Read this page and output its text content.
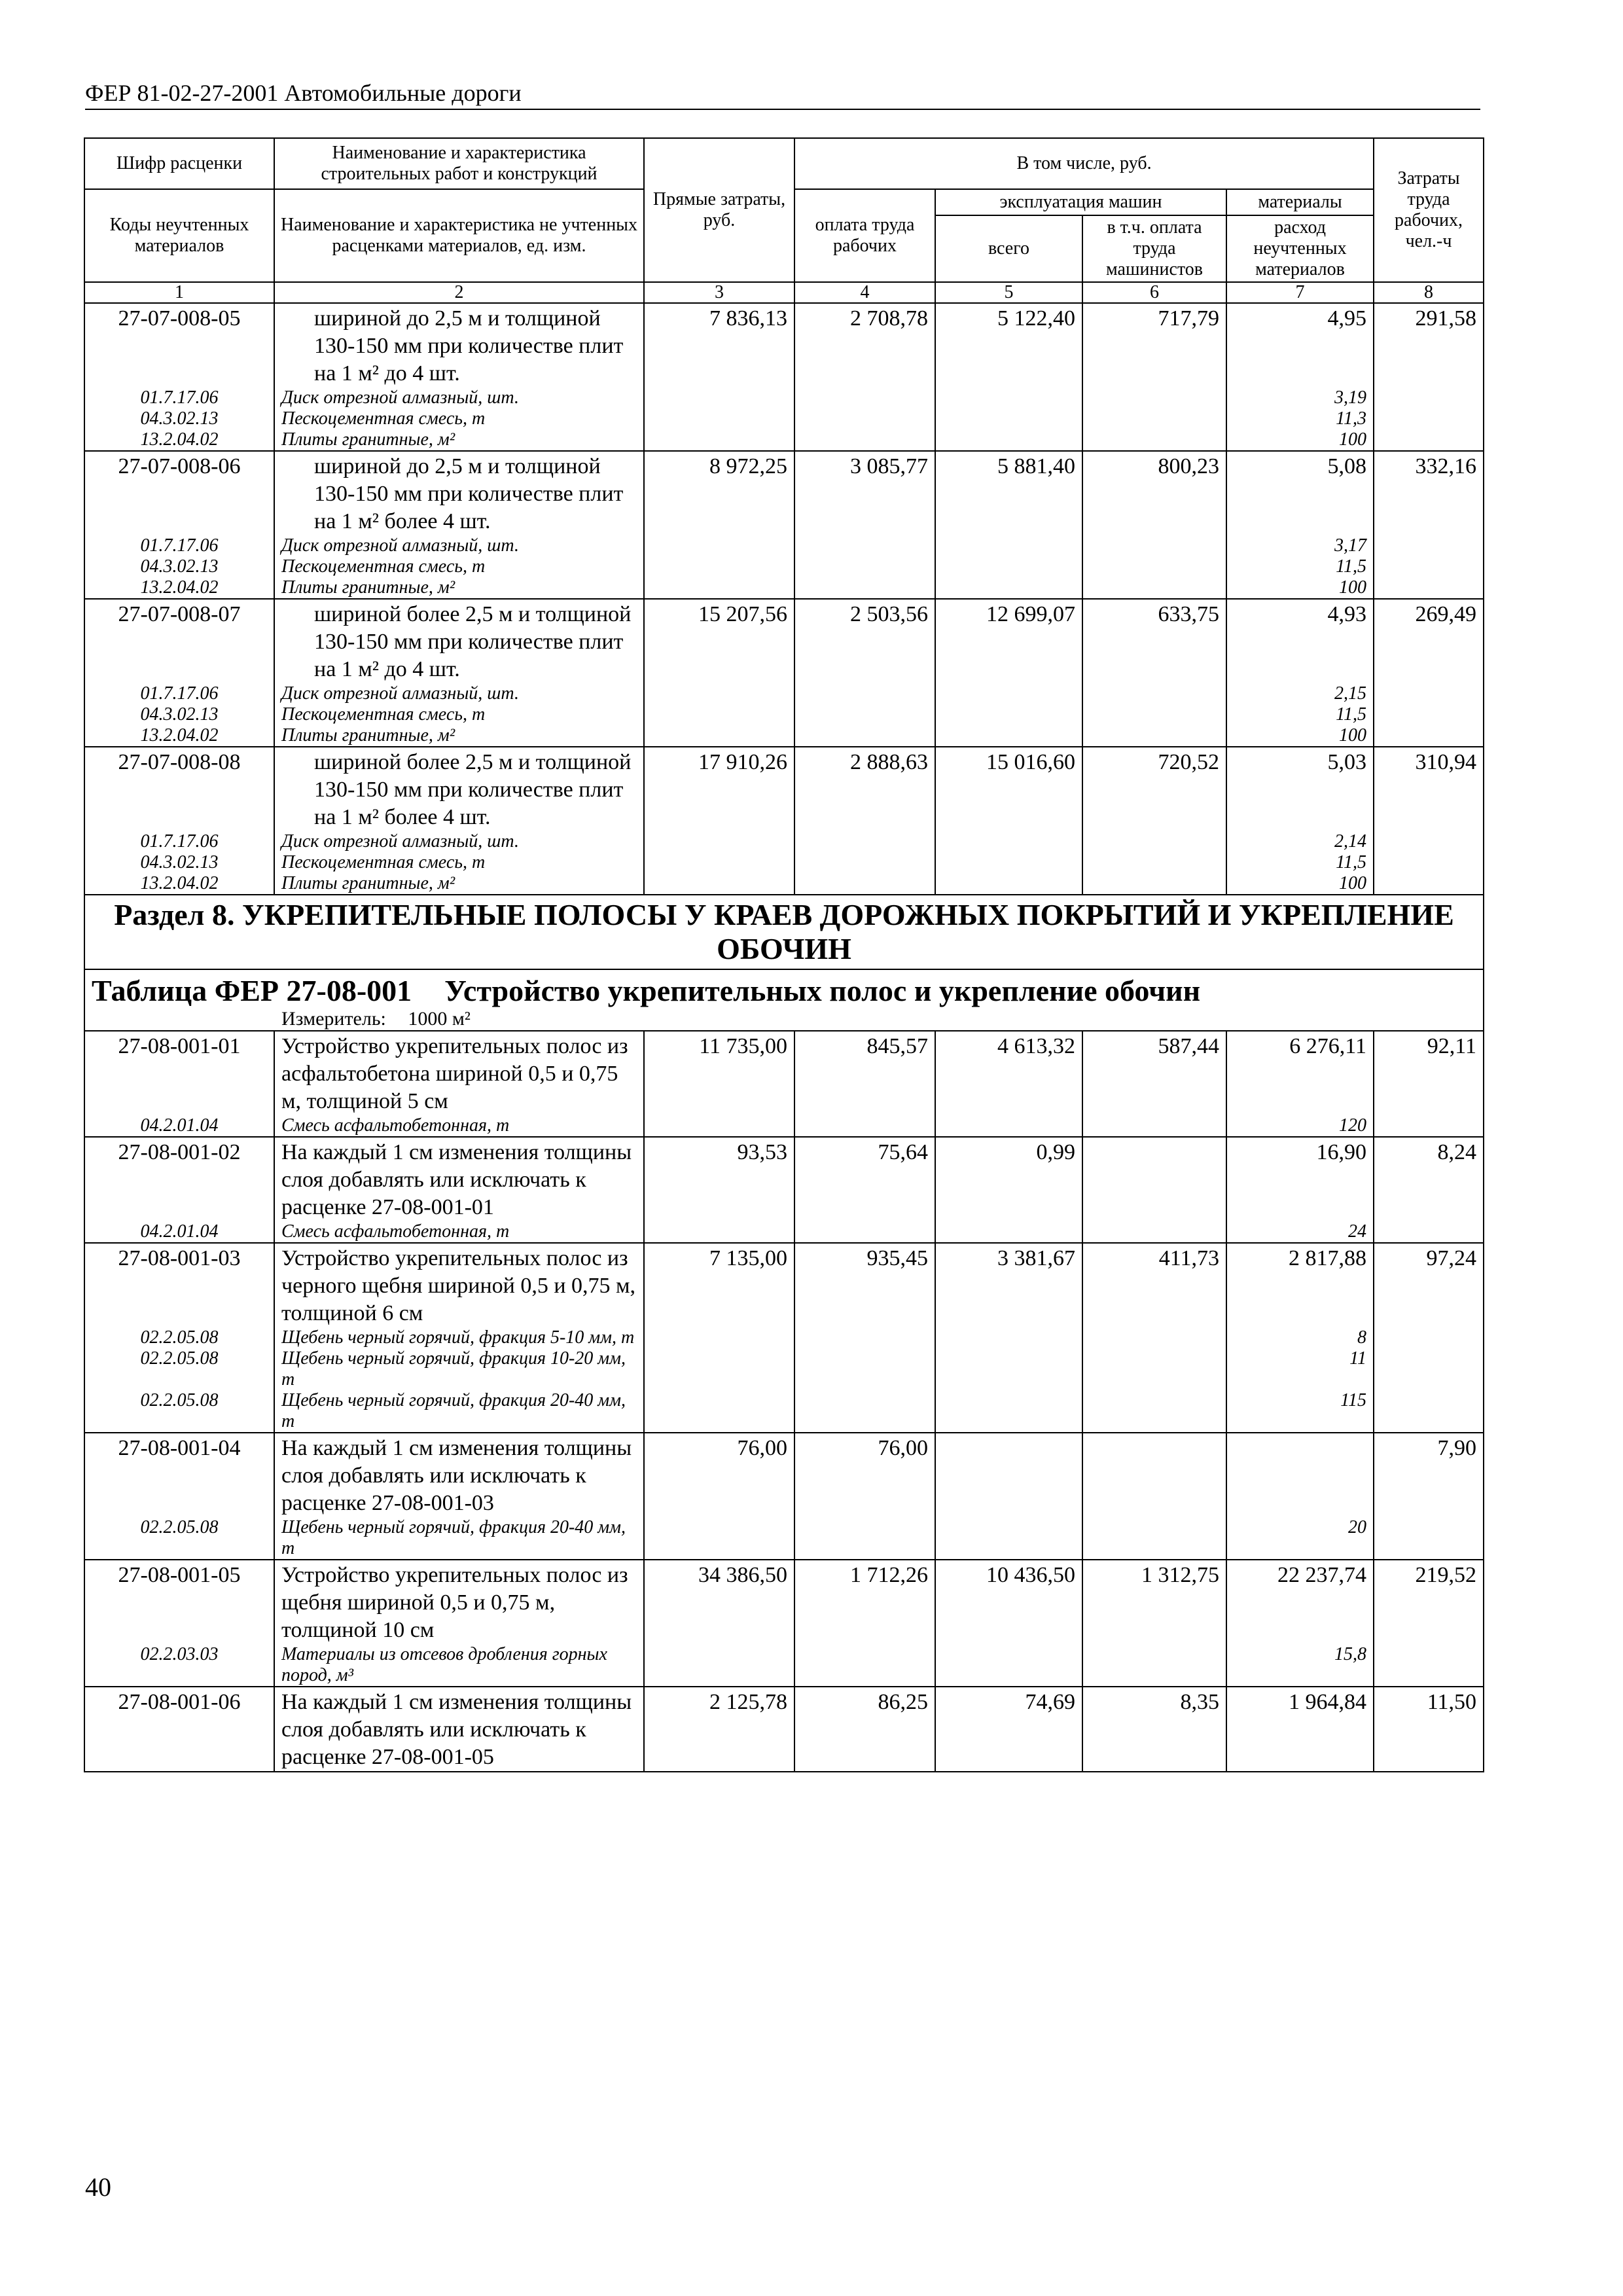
ФЕР 81-02-27-2001 Автомобильные дороги
Шифр расценки	Наименование и характеристика строительных работ и конструкций	Прямые затраты, руб.	В том числе, руб.				Затраты труда рабочих, чел.-ч
Коды неучтенных материалов	Наименование и характеристика не учтенных расценками материалов, ед. изм.		оплата труда рабочих	эксплуатация машин		материалы	
				всего	в т.ч. оплата труда машинистов	расход неучтенных материалов	
1	2	3	4	5	6	7	8
27-07-008-05	шириной до 2,5 м и толщиной 130-150 мм при количестве плит на 1 м² до 4 шт.	7 836,13	2 708,78	5 122,40	717,79	4,95	291,58
01.7.17.06	Диск отрезной алмазный, шт.					3,19	
04.3.02.13	Пескоцементная смесь, т					11,3	
13.2.04.02	Плиты гранитные, м²					100	
27-07-008-06	шириной до 2,5 м и толщиной 130-150 мм при количестве плит на 1 м² более 4 шт.	8 972,25	3 085,77	5 881,40	800,23	5,08	332,16
01.7.17.06	Диск отрезной алмазный, шт.					3,17	
04.3.02.13	Пескоцементная смесь, т					11,5	
13.2.04.02	Плиты гранитные, м²					100	
27-07-008-07	шириной более 2,5 м и толщиной 130-150 мм при количестве плит на 1 м² до 4 шт.	15 207,56	2 503,56	12 699,07	633,75	4,93	269,49
01.7.17.06	Диск отрезной алмазный, шт.					2,15	
04.3.02.13	Пескоцементная смесь, т					11,5	
13.2.04.02	Плиты гранитные, м²					100	
27-07-008-08	шириной более 2,5 м и толщиной 130-150 мм при количестве плит на 1 м² более 4 шт.	17 910,26	2 888,63	15 016,60	720,52	5,03	310,94
01.7.17.06	Диск отрезной алмазный, шт.					2,14	
04.3.02.13	Пескоцементная смесь, т					11,5	
13.2.04.02	Плиты гранитные, м²					100	
Раздел 8. УКРЕПИТЕЛЬНЫЕ ПОЛОСЫ У КРАЕВ ДОРОЖНЫХ ПОКРЫТИЙ И УКРЕПЛЕНИЕ ОБОЧИН							
Таблица ФЕР 27-08-001 Устройство укрепительных полос и укрепление обочин							
Измеритель: 1000 м²							
27-08-001-01	Устройство укрепительных полос из асфальтобетона шириной 0,5 и 0,75 м, толщиной 5 см	11 735,00	845,57	4 613,32	587,44	6 276,11	92,11
04.2.01.04	Смесь асфальтобетонная, т					120	
27-08-001-02	На каждый 1 см изменения толщины слоя добавлять или исключать к расценке 27-08-001-01	93,53	75,64	0,99		16,90	8,24
04.2.01.04	Смесь асфальтобетонная, т					24	
27-08-001-03	Устройство укрепительных полос из черного щебня шириной 0,5 и 0,75 м, толщиной 6 см	7 135,00	935,45	3 381,67	411,73	2 817,88	97,24
02.2.05.08	Щебень черный горячий, фракция 5-10 мм, т					8	
02.2.05.08	Щебень черный горячий, фракция 10-20 мм, т					11	
02.2.05.08	Щебень черный горячий, фракция 20-40 мм, т					115	
27-08-001-04	На каждый 1 см изменения толщины слоя добавлять или исключать к расценке 27-08-001-03	76,00	76,00				7,90
02.2.05.08	Щебень черный горячий, фракция 20-40 мм, т					20	
27-08-001-05	Устройство укрепительных полос из щебня шириной 0,5 и 0,75 м, толщиной 10 см	34 386,50	1 712,26	10 436,50	1 312,75	22 237,74	219,52
02.2.03.03	Материалы из отсевов дробления горных пород, м³					15,8	
27-08-001-06	На каждый 1 см изменения толщины слоя добавлять или исключать к расценке 27-08-001-05	2 125,78	86,25	74,69	8,35	1 964,84	11,50
40
